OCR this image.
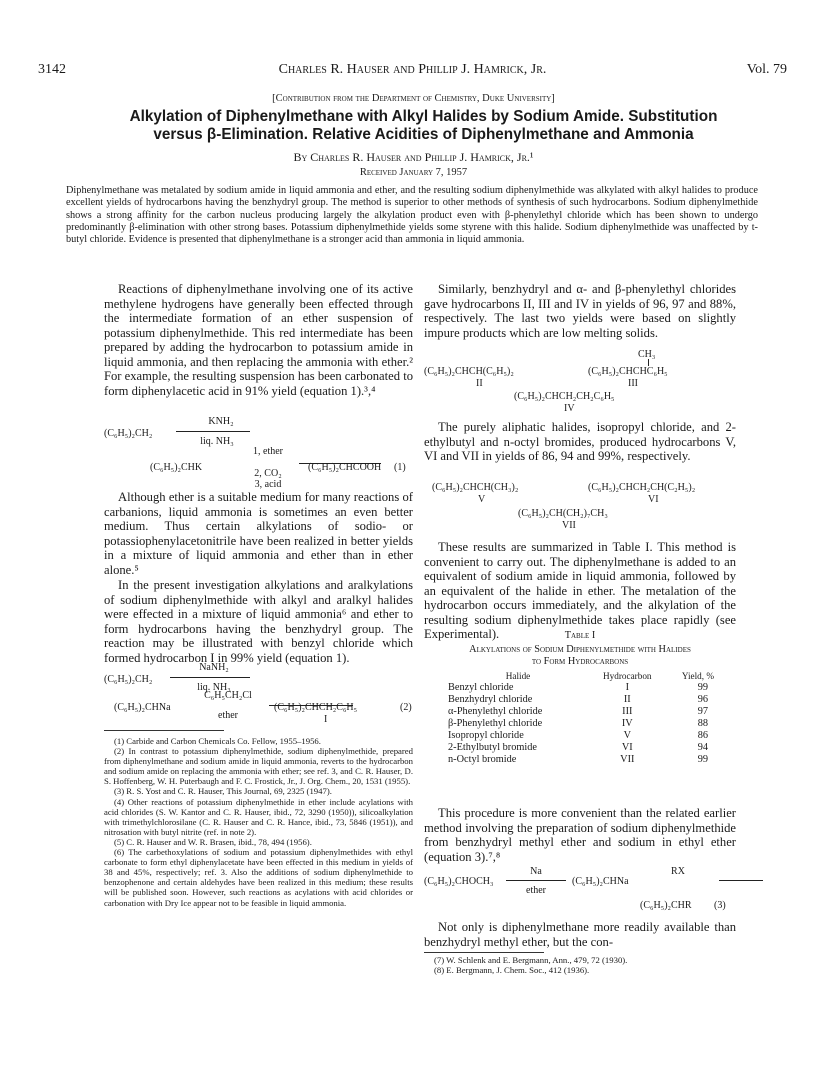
3142	Charles R. Hauser and Phillip J. Hamrick, Jr.	Vol. 79
[Contribution from the Department of Chemistry, Duke University]
Alkylation of Diphenylmethane with Alkyl Halides by Sodium Amide. Substitution
versus β-Elimination. Relative Acidities of Diphenylmethane and Ammonia
By Charles R. Hauser and Phillip J. Hamrick, Jr.¹
Received January 7, 1957
Diphenylmethane was metalated by sodium amide in liquid ammonia and ether, and the resulting sodium diphenylmethide was alkylated with alkyl halides to produce excellent yields of hydrocarbons having the benzhydryl group. The method is superior to other methods of synthesis of such hydrocarbons. Sodium diphenylmethide shows a strong affinity for the carbon nucleus producing largely the alkylation product even with β-phenylethyl chloride which has been shown to undergo predominantly β-elimination with other strong bases. Potassium diphenylmethide yields some styrene with this halide. Sodium diphenylmethide was unaffected by t-butyl chloride. Evidence is presented that diphenylmethane is a stronger acid than ammonia in liquid ammonia.

Reactions of diphenylmethane involving one of its active methylene hydrogens have generally been effected through the intermediate formation of an ether suspension of potassium diphenylmethide. This red intermediate has been prepared by adding the hydrocarbon to potassium amide in liquid ammonia, and then replacing the ammonia with ether.² For example, the resulting suspension has been carbonated to form diphenylacetic acid in 91% yield (equation 1).³,⁴

(C₆H₅)₂CH₂
KNH₂

liq. NH₃
(C₆H₅)₂CHK
1, ether
2, CO₂
3, acid
(C₆H₅)₂CHCOOH (1)

Although ether is a suitable medium for many reactions of carbanions, liquid ammonia is sometimes an even better medium. Thus certain alkylations of sodio- or potassiophenylacetonitrile have been realized in better yields in a mixture of liquid ammonia and ether than in ether alone.⁵

In the present investigation alkylations and aralkylations of sodium diphenylmethide with alkyl and aralkyl halides were effected in a mixture of liquid ammonia⁶ and ether to form hydrocarbons having the benzhydryl group. The reaction may be illustrated with benzyl chloride which formed hydrocarbon I in 99% yield (equation 1).

(C₆H₅)₂CH₂
NaNH₂

liq. NH₃
(C₆H₅)₂CHNa
C₆H₅CH₂Cl
ether
(C₆H₅)₂CHCH₂C₆H₅
I
(2)

(1) Carbide and Carbon Chemicals Co. Fellow, 1955–1956.

(2) In contrast to potassium diphenylmethide, sodium diphenylmethide, prepared from diphenylmethane and sodium amide in liquid ammonia, reverts to the hydrocarbon and sodium amide on replacing the ammonia with ether; see ref. 3, and C. R. Hauser, D. S. Hoffenberg, W. H. Puterbaugh and F. C. Frostick, Jr., J. Org. Chem., 20, 1531 (1955).

(3) R. S. Yost and C. R. Hauser, This Journal, 69, 2325 (1947).

(4) Other reactions of potassium diphenylmethide in ether include acylations with acid chlorides (S. W. Kantor and C. R. Hauser, ibid., 72, 3290 (1950)), silicoalkylation with trimethylchlorosilane (C. R. Hauser and C. R. Hance, ibid., 73, 5846 (1951)), and nitrosation with butyl nitrite (ref. in note 2).

(5) C. R. Hauser and W. R. Brasen, ibid., 78, 494 (1956).

(6) The carbethoxylations of sodium and potassium diphenylmethides with ethyl carbonate to form ethyl diphenylacetate have been effected in this medium in yields of 38 and 45%, respectively; ref. 3. Also the additions of sodium diphenylmethide to benzophenone and certain aldehydes have been realized in this medium; these results will be published soon. However, such reactions as acylations with acid chlorides or carbonation with Dry Ice appear not to be feasible in liquid ammonia.

Similarly, benzhydryl and α- and β-phenylethyl chlorides gave hydrocarbons II, III and IV in yields of 96, 97 and 88%, respectively. The last two yields were based on slightly impure products which are low melting solids.

(C₆H₅)₂CHCH(C₆H₅)₂
II
CH₃
(C₆H₅)₂CHCHC₆H₅
III
(C₆H₅)₂CHCH₂CH₂C₆H₅
IV

The purely aliphatic halides, isopropyl chloride, and 2-ethylbutyl and n-octyl bromides, produced hydrocarbons V, VI and VII in yields of 86, 94 and 99%, respectively.

(C₆H₅)₂CHCH(CH₃)₂
V
(C₆H₅)₂CHCH₂CH(C₂H₅)₂
VI
(C₆H₅)₂CH(CH₂)₇CH₃
VII

These results are summarized in Table I. This method is convenient to carry out. The diphenylmethane is added to an equivalent of sodium amide in liquid ammonia, followed by an equivalent of the halide in ether. The metalation of the hydrocarbon occurs immediately, and the alkylation of the resulting sodium diphenylmethide takes place rapidly (see Experimental).	Table I
Alkylations of Sodium Diphenylmethide with Halides
to Form Hydrocarbons
Halide	Hydrocarbon	Yield, %
Benzyl chloride	I	99
Benzhydryl chloride	II	96
α-Phenylethyl chloride	III	97
β-Phenylethyl chloride	IV	88
Isopropyl chloride	V	86
2-Ethylbutyl bromide	VI	94
n-Octyl bromide	VII	99

This procedure is more convenient than the related earlier method involving the preparation of sodium diphenylmethide from benzhydryl methyl ether and sodium in ethyl ether (equation 3).⁷,⁸

(C₆H₅)₂CHOCH₃
Na

ether
(C₆H₅)₂CHNa
RX
(C₆H₅)₂CHR (3)

Not only is diphenylmethane more readily available than benzhydryl methyl ether, but the con-

(7) W. Schlenk and E. Bergmann, Ann., 479, 72 (1930).

(8) E. Bergmann, J. Chem. Soc., 412 (1936).
